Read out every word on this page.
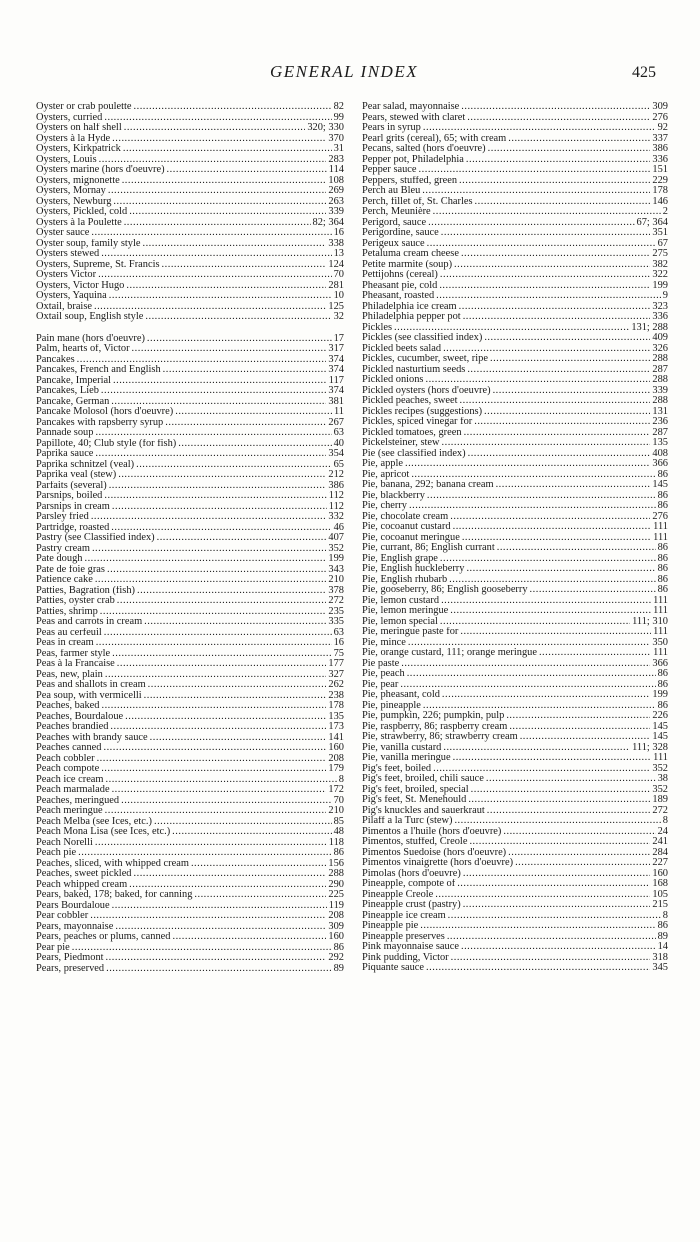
GENERAL INDEX	425
Oyster or crab poulette .....	82
Oysters, curried .....	99
Oysters on half shell .....	320; 330
Oysters à la Hyde .....	370
Oysters, Kirkpatrick .....	31
Oysters, Louis .....	283
Oysters marine (hors d'oeuvre) .....	114
Oysters, mignonette .....	108
Oysters, Mornay .....	269
Oysters, Newburg .....	263
Oysters, Pickled, cold .....	339
Oysters à la Poulette .....	82; 364
Oyster sauce .....	16
Oyster soup, family style .....	338
Oysters stewed .....	13
Oysters, Supreme, St. Francis .....	124
Oysters Victor .....	70
Oysters, Victor Hugo .....	281
Oysters, Yaquina .....	10
Oxtail, braise .....	125
Oxtail soup, English style .....	32
Pain mane (hors d'oeuvre) .....	17
Palm, hearts of, Victor .....	317
Pancakes .....	374
Pancakes, French and English .....	374
Pancake, Imperial .....	117
Pancakes, Lieb .....	374
Pancake, German .....	381
Pancake Molosol (hors d'oeuvre) .....	11
Pancakes with rapsberry syrup .....	267
Pannade soup .....	63
Papillote, 40; Club style (for fish) .....	40
Paprika sauce .....	354
Paprika schnitzel (veal) .....	65
Paprika veal (stew) .....	212
Parfaits (several) .....	386
Parsnips, boiled .....	112
Parsnips in cream .....	112
Parsley fried .....	332
Partridge, roasted .....	46
Pastry (see Classified index) .....	407
Pastry cream .....	352
Pate dough .....	199
Pate de foie gras .....	343
Patience cake .....	210
Patties, Bagration (fish) .....	378
Patties, oyster crab .....	272
Patties, shrimp .....	235
Peas and carrots in cream .....	335
Peas au cerfeuil .....	63
Peas in cream .....	16
Peas, farmer style .....	75
Peas à la Francaise .....	177
Peas, new, plain .....	327
Peas and shallots in cream .....	262
Pea soup, with vermicelli .....	238
Peaches, baked .....	178
Peaches, Bourdaloue .....	135
Peaches brandied .....	173
Peaches with brandy sauce .....	141
Peaches canned .....	160
Peach cobbler .....	208
Peach compote .....	179
Peach ice cream .....	8
Peach marmalade .....	172
Peaches, meringued .....	70
Peach meringue .....	210
Peach Melba (see Ices, etc.) .....	85
Peach Mona Lisa (see Ices, etc.) .....	48
Peach Norelli .....	118
Peach pie .....	86
Peaches, sliced, with whipped cream .....	156
Peaches, sweet pickled .....	288
Peach whipped cream .....	290
Pears, baked, 178; baked, for canning .....	225
Pears Bourdaloue .....	119
Pear cobbler .....	208
Pears, mayonnaise .....	309
Pears, peaches or plums, canned .....	160
Pear pie .....	86
Pears, Piedmont .....	292
Pears, preserved .....	89
Pear salad, mayonnaise .....	309
Pears, stewed with claret .....	276
Pears in syrup .....	92
Pearl grits (cereal), 65; with cream .....	337
Pecans, salted (hors d'oeuvre) .....	386
Pepper pot, Philadelphia .....	336
Pepper sauce .....	151
Peppers, stuffed, green .....	229
Perch au Bleu .....	178
Perch, fillet of, St. Charles .....	146
Perch, Meunière .....	2
Perigord, sauce .....	67; 364
Perigordine, sauce .....	351
Perigeux sauce .....	67
Petaluma cream cheese .....	275
Petite marmite (soup) .....	382
Pettijohns (cereal) .....	322
Pheasant pie, cold .....	199
Pheasant, roasted .....	9
Philadelphia ice cream .....	323
Philadelphia pepper pot .....	336
Pickles .....	131; 288
Pickles (see classified index) .....	409
Pickled beets salad .....	326
Pickles, cucumber, sweet, ripe .....	288
Pickled nasturtium seeds .....	287
Pickled onions .....	288
Pickled oysters (hors d'oeuvre) .....	339
Pickled peaches, sweet .....	288
Pickles recipes (suggestions) .....	131
Pickles, spiced vinegar for .....	236
Pickled tomatoes, green .....	287
Pickelsteiner, stew .....	135
Pie (see classified index) .....	408
Pie, apple .....	366
Pie, apricot .....	86
Pie, banana, 292; banana cream .....	145
Pie, blackberry .....	86
Pie, cherry .....	86
Pie, chocolate cream .....	276
Pie, cocoanut custard .....	111
Pie, cocoanut meringue .....	111
Pie, currant, 86; English currant .....	86
Pie, English grape .....	86
Pie, English huckleberry .....	86
Pie, English rhubarb .....	86
Pie, gooseberry, 86; English gooseberry .....	86
Pie, lemon custard .....	111
Pie, lemon meringue .....	111
Pie, lemon special .....	111; 310
Pie, meringue paste for .....	111
Pie, mince .....	350
Pie, orange custard, 111; orange meringue .....	111
Pie paste .....	366
Pie, peach .....	86
Pie, pear .....	86
Pie, pheasant, cold .....	199
Pie, pineapple .....	86
Pie, pumpkin, 226; pumpkin, pulp .....	226
Pie, raspberry, 86; raspberry cream .....	145
Pie, strawberry, 86; strawberry cream .....	145
Pie, vanilla custard .....	111; 328
Pie, vanilla meringue .....	111
Pig's feet, boiled .....	352
Pig's feet, broiled, chili sauce .....	38
Pig's feet, broiled, special .....	352
Pig's feet, St. Menehould .....	189
Pig's knuckles and sauerkraut .....	272
Pilaff a la Turc (stew) .....	8
Pimentos a l'huile (hors d'oeuvre) .....	24
Pimentos, stuffed, Creole .....	241
Pimentos Suedoise (hors d'oeuvre) .....	284
Pimentos vinaigrette (hors d'oeuvre) .....	227
Pimolas (hors d'oeuvre) .....	160
Pineapple, compote of .....	168
Pineapple Creole .....	105
Pineapple crust (pastry) .....	215
Pineapple ice cream .....	8
Pineapple pie .....	86
Pineapple preserves .....	89
Pink mayonnaise sauce .....	14
Pink pudding, Victor .....	318
Piquante sauce .....	345
